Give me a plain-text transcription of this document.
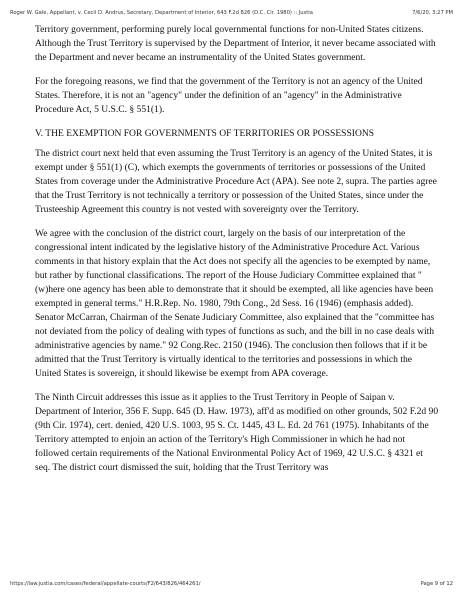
Roger W. Gale, Appellant, v. Cecil D. Andrus, Secretary, Department of Interior, 643 F.2d 826 (D.C. Cir. 1980) :: Justia	7/6/20, 3:27 PM

Territory government, performing purely local governmental functions for non-United States citizens. Although the Trust Territory is supervised by the Department of Interior, it never became associated with the Department and never became an instrumentality of the United States government.

For the foregoing reasons, we find that the government of the Territory is not an agency of the United States. Therefore, it is not an "agency" under the definition of an "agency" in the Administrative Procedure Act, 5 U.S.C. § 551(1).

V. THE EXEMPTION FOR GOVERNMENTS OF TERRITORIES OR POSSESSIONS

The district court next held that even assuming the Trust Territory is an agency of the United States, it is exempt under § 551(1) (C), which exempts the governments of territories or possessions of the United States from coverage under the Administrative Procedure Act (APA). See note 2, supra. The parties agree that the Trust Territory is not technically a territory or possession of the United States, since under the Trusteeship Agreement this country is not vested with sovereignty over the Territory.

We agree with the conclusion of the district court, largely on the basis of our interpretation of the congressional intent indicated by the legislative history of the Administrative Procedure Act. Various comments in that history explain that the Act does not specify all the agencies to be exempted by name, but rather by functional classifications. The report of the House Judiciary Committee explained that "(w)here one agency has been able to demonstrate that it should be exempted, all like agencies have been exempted in general terms." H.R.Rep. No. 1980, 79th Cong., 2d Sess. 16 (1946) (emphasis added). Senator McCarran, Chairman of the Senate Judiciary Committee, also explained that the "committee has not deviated from the policy of dealing with types of functions as such, and the bill in no case deals with administrative agencies by name." 92 Cong.Rec. 2150 (1946). The conclusion then follows that if it be admitted that the Trust Territory is virtually identical to the territories and possessions in which the United States is sovereign, it should likewise be exempt from APA coverage.

The Ninth Circuit addresses this issue as it applies to the Trust Territory in People of Saipan v. Department of Interior, 356 F. Supp. 645 (D. Haw. 1973), aff'd as modified on other grounds, 502 F.2d 90 (9th Cir. 1974), cert. denied, 420 U.S. 1003, 95 S. Ct. 1445, 43 L. Ed. 2d 761 (1975). Inhabitants of the Territory attempted to enjoin an action of the Territory's High Commissioner in which he had not followed certain requirements of the National Environmental Policy Act of 1969, 42 U.S.C. § 4321 et seq. The district court dismissed the suit, holding that the Trust Territory was

https://law.justia.com/cases/federal/appellate-courts/F2/643/826/464261/	Page 9 of 12
